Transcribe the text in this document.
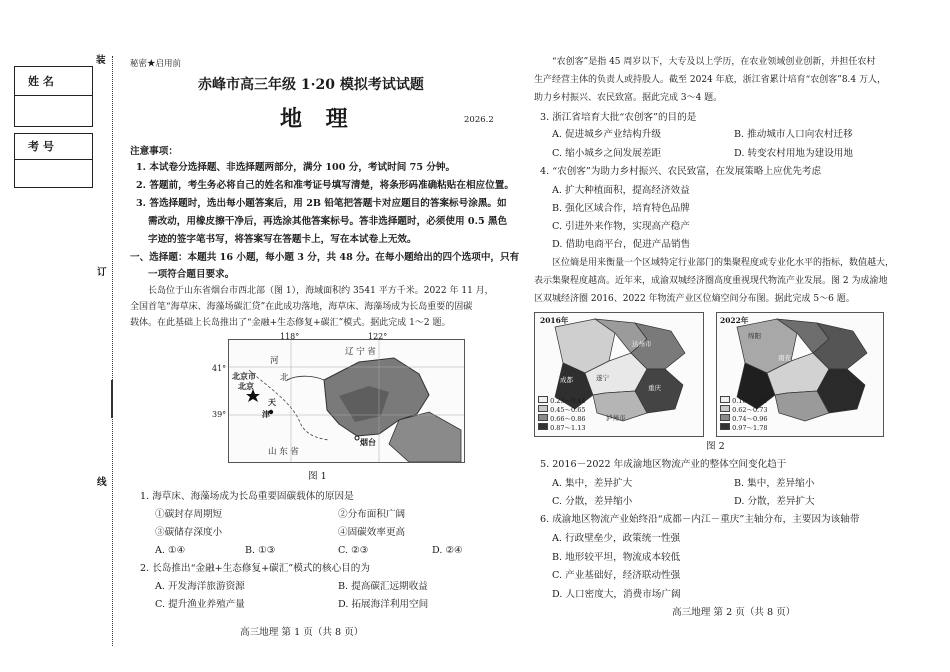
装
订
线
姓 名
考 号
秘密★启用前
赤峰市高三年级 1·20 模拟考试试题
地 理	2026.2
注意事项：
1. 本试卷分选择题、非选择题两部分，满分 100 分，考试时间 75 分钟。
2. 答题前，考生务必将自己的姓名和准考证号填写清楚，将条形码准确粘贴在相应位置。
3. 答选择题时，选出每小题答案后，用 2B 铅笔把答题卡对应题目的答案标号涂黑。如
需改动，用橡皮擦干净后，再选涂其他答案标号。答非选择题时，必须使用 0.5 黑色
字迹的签字笔书写，将答案写在答题卡上，写在本试卷上无效。
一、选择题：本题共 16 小题，每小题 3 分，共 48 分。在每小题给出的四个选项中，只有
一项符合题目要求。
长岛位于山东省烟台市西北部（图 1），海域面积约 3541 平方千米。2022 年 11 月，
全国首笔“海草床、海藻场碳汇贷”在此成功落地，海草床、海藻场成为长岛重要的固碳
载体。在此基础上长岛推出了“金融+生态修复+碳汇”模式。据此完成 1～2 题。
118°	122°
41°
39°
河
北
辽 宁 省
北京市
北京
天
津
烟台
山 东 省
图 1
1. 海草床、海藻场成为长岛重要固碳载体的原因是
①碳封存周期短	②分布面积广阔
③碳储存深度小	④固碳效率更高
A. ①④	B. ①③	C. ②③	D. ②④
2. 长岛推出“金融+生态修复+碳汇”模式的核心目的为
A. 开发海洋旅游资源	B. 提高碳汇远期收益
C. 提升渔业养殖产量	D. 拓展海洋利用空间
高三地理 第 1 页（共 8 页）
“农创客”是指 45 周岁以下，大专及以上学历，在农业领域创业创新，并担任农村
生产经营主体的负责人或持股人。截至 2024 年底，浙江省累计培育“农创客”8.4 万人，
助力乡村振兴、农民致富。据此完成 3～4 题。
3. 浙江省培育大批“农创客”的目的是
A. 促进城乡产业结构升级	B. 推动城市人口向农村迁移
C. 缩小城乡之间发展差距	D. 转变农村用地为建设用地
4. “农创客”为助力乡村振兴、农民致富，在发展策略上应优先考虑
A. 扩大种植面积，提高经济效益
B. 强化区域合作，培育特色品牌
C. 引进外来作物，实现高产稳产
D. 借助电商平台，促进产品销售
区位熵是用来衡量一个区域特定行业部门的集聚程度或专业化水平的指标，数值越大，
表示集聚程度越高。近年来，成渝双城经济圈高度重视现代物流产业发展。图 2 为成渝地
区双城经济圈 2016、2022 年物流产业区位熵空间分布图。据此完成 5～6 题。
2016年
0.23～0.44
0.45～0.65
0.66～0.86
0.87～1.13
2022年
0.10～0.61
0.62～0.73
0.74～0.96
0.97～1.78
达州市
重庆
成都
泸州市
遂宁
南充
绵阳
图 2
5. 2016－2022 年成渝地区物流产业的整体空间变化趋于
A. 集中，差异扩大	B. 集中，差异缩小
C. 分散，差异缩小	D. 分散，差异扩大
6. 成渝地区物流产业始终沿“成都－内江－重庆”主轴分布，主要因为该轴带
A. 行政壁垒少，政策统一性强
B. 地形较平坦，物流成本较低
C. 产业基础好，经济联动性强
D. 人口密度大，消费市场广阔
高三地理 第 2 页（共 8 页）
